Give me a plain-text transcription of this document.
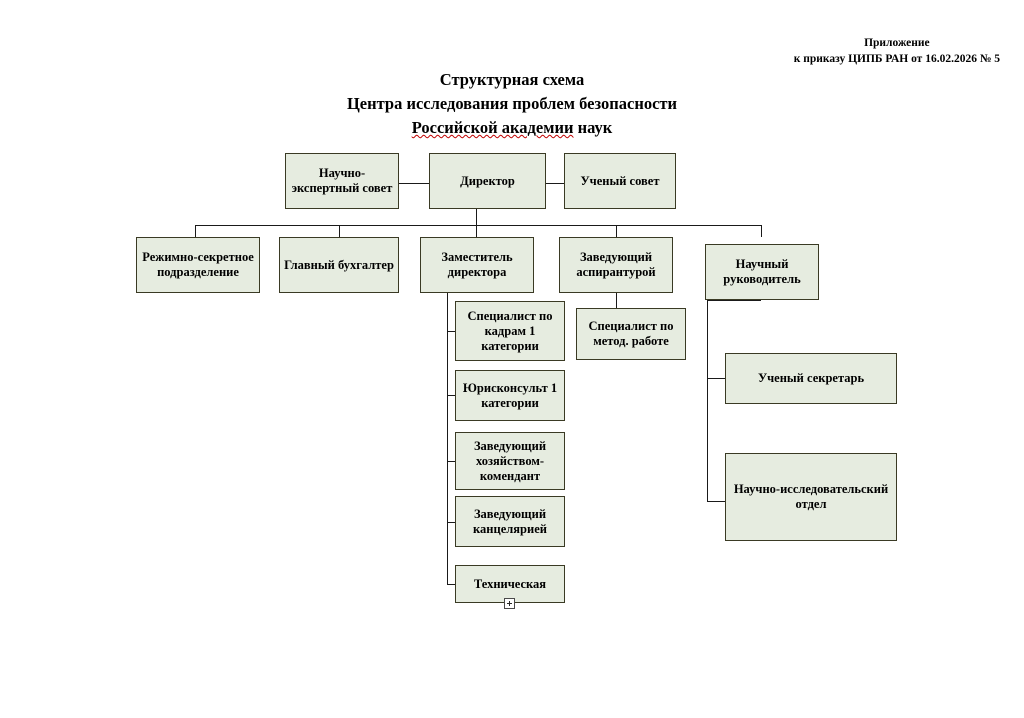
Приложение
к приказу ЦИПБ РАН от 16.02.2026 № 5
Структурная схема
Центра исследования проблем безопасности
Российской академии наук
Научно-экспертный совет
Директор	Ученый совет
Режимно-секретное подразделение
Главный бухгалтер
Заместитель директора
Заведующий аспирантурой
Научный руководитель
Специалист по кадрам 1 категории
Специалист по метод. работе
Юрисконсульт 1 категории
Ученый секретарь
Заведующий хозяйством-комендант
Заведующий канцелярией
Научно-исследовательский отдел
Техническая
